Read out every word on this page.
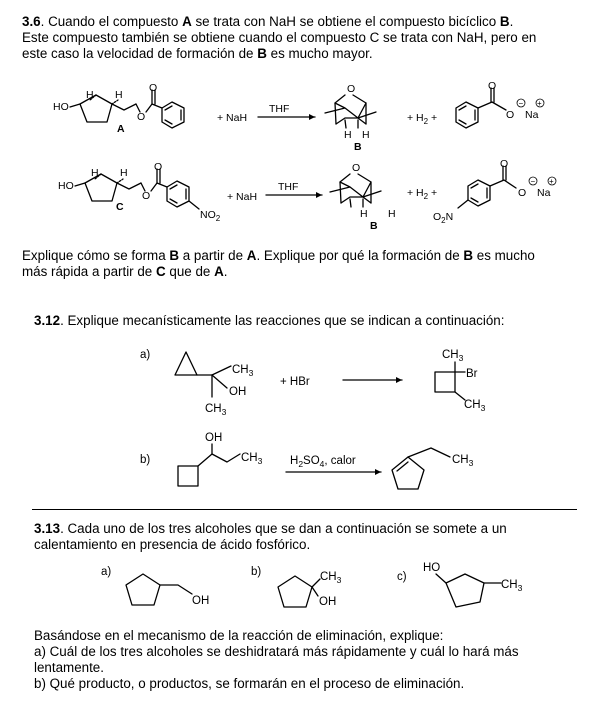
3.6. Cuando el compuesto A se trata con NaH se obtiene el compuesto bicíclico B.
Este compuesto también se obtiene cuando el compuesto C se trata con NaH, pero en
este caso la velocidad de formación de B es mucho mayor.
HO
H H
O
O
A
+ NaH
THF
O
H H
B
+ $H_2$ +
O
O
−
Na
+
HO
H H
O
O
$NO_2$
C
+ NaH
THF
O
H H
B
+ $H_2$ +
O
O
−
Na
+
$O_2N$
Explique cómo se forma B a partir de A. Explique por qué la formación de B es mucho
más rápida a partir de C que de A.
3.12. Explique mecanísticamente las reacciones que se indican a continuación:
a)
$CH_3$
OH
$CH_3$
+ HBr
$CH_3$
Br
$CH_3$
b)
OH
$CH_3$ $H_2SO_4$, calor	$CH_3$
3.13. Cada uno de los tres alcoholes que se dan a continuación se somete a un
calentamiento en presencia de ácido fosfórico.
a)
OH
b)	$CH_3$
OH
c)
HO
$CH_3$
Basándose en el mecanismo de la reacción de eliminación, explique:
a) Cuál de los tres alcoholes se deshidratará más rápidamente y cuál lo hará más
lentamente.
b) Qué producto, o productos, se formarán en el proceso de eliminación.
